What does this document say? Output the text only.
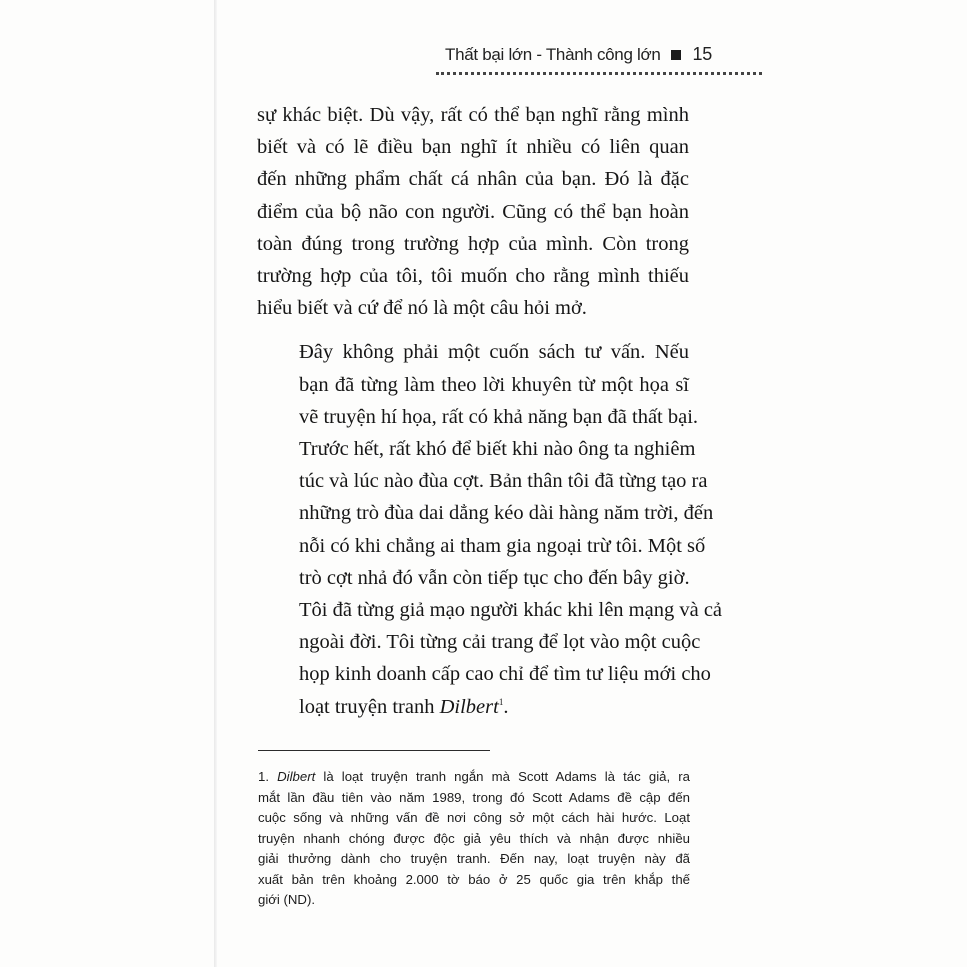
Thất bại lớn - Thành công lớn 15

sự khác biệt. Dù vậy, rất có thể bạn nghĩ rằng mình
biết và có lẽ điều bạn nghĩ ít nhiều có liên quan
đến những phẩm chất cá nhân của bạn. Đó là đặc
điểm của bộ não con người. Cũng có thể bạn hoàn
toàn đúng trong trường hợp của mình. Còn trong
trường hợp của tôi, tôi muốn cho rằng mình thiếu
hiểu biết và cứ để nó là một câu hỏi mở.

Đây không phải một cuốn sách tư vấn. Nếu
bạn đã từng làm theo lời khuyên từ một họa sĩ
vẽ truyện hí họa, rất có khả năng bạn đã thất bại.
Trước hết, rất khó để biết khi nào ông ta nghiêm
túc và lúc nào đùa cợt. Bản thân tôi đã từng tạo ra
những trò đùa dai dẳng kéo dài hàng năm trời, đến
nỗi có khi chẳng ai tham gia ngoại trừ tôi. Một số
trò cợt nhả đó vẫn còn tiếp tục cho đến bây giờ.
Tôi đã từng giả mạo người khác khi lên mạng và cả
ngoài đời. Tôi từng cải trang để lọt vào một cuộc
họp kinh doanh cấp cao chỉ để tìm tư liệu mới cho
loạt truyện tranh Dilbert$^1$.

1. Dilbert là loạt truyện tranh ngắn mà Scott Adams là tác giả, ra
mắt lần đầu tiên vào năm 1989, trong đó Scott Adams đề cập đến
cuộc sống và những vấn đề nơi công sở một cách hài hước. Loạt
truyện nhanh chóng được độc giả yêu thích và nhận được nhiều
giải thưởng dành cho truyện tranh. Đến nay, loạt truyện này đã
xuất bản trên khoảng 2.000 tờ báo ở 25 quốc gia trên khắp thế
giới (ND).
